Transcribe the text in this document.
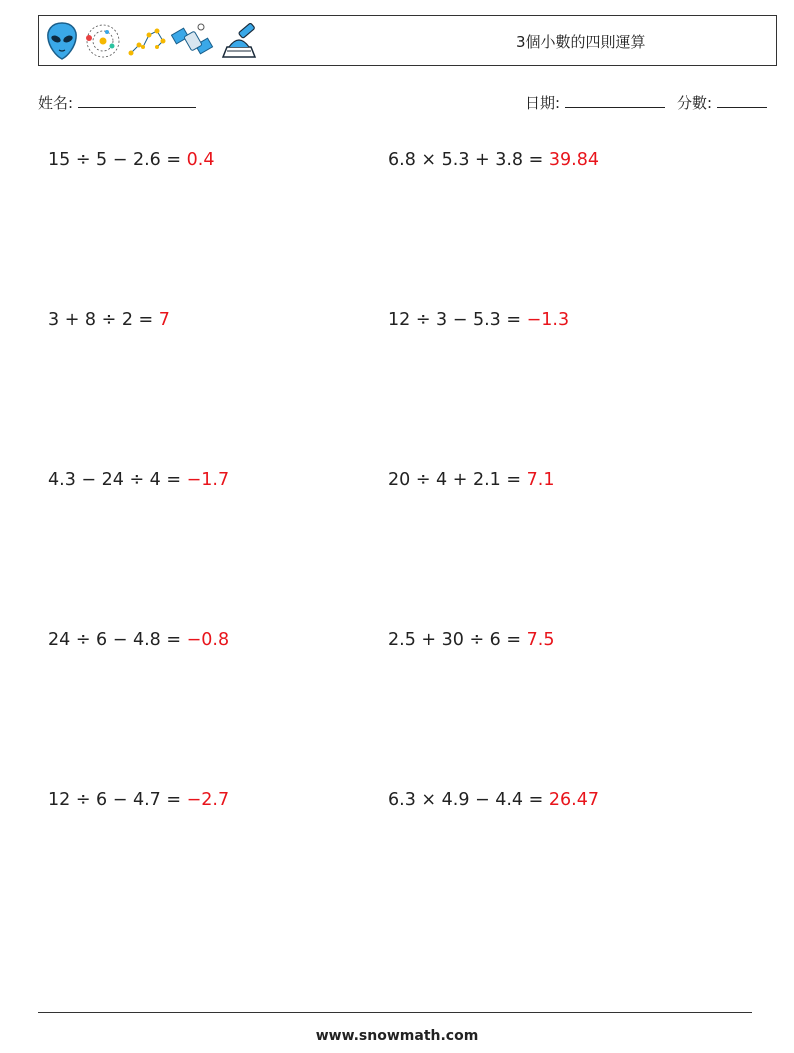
3個小數的四則運算
姓名:	日期:	分數:
15 ÷ 5 − 2.6 = 0.4	6.8 × 5.3 + 3.8 = 39.84
3 + 8 ÷ 2 = 7	12 ÷ 3 − 5.3 = −1.3
4.3 − 24 ÷ 4 = −1.7	20 ÷ 4 + 2.1 = 7.1
24 ÷ 6 − 4.8 = −0.8	2.5 + 30 ÷ 6 = 7.5
12 ÷ 6 − 4.7 = −2.7	6.3 × 4.9 − 4.4 = 26.47
www.snowmath.com
